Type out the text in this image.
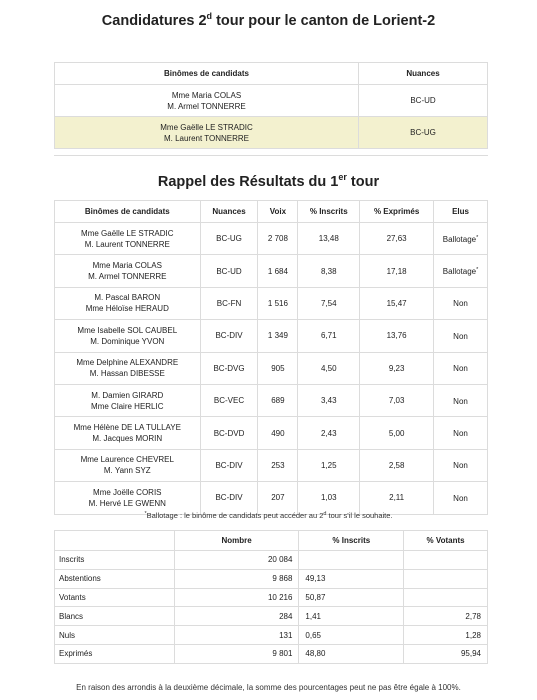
Candidatures 2$^d$ tour pour le canton de Lorient-2
Binômes de candidats	Nuances
Mme Maria COLAS
M. Armel TONNERRE	BC-UD
Mme Gaëlle LE STRADIC
M. Laurent TONNERRE	BC-UG
Rappel des Résultats du 1er tour
Binômes de candidats	Nuances	Voix	% Inscrits	% Exprimés	Elus
Mme Gaëlle LE STRADIC
M. Laurent TONNERRE	BC-UG	2 708	13,48	27,63	Ballotage*
Mme Maria COLAS
M. Armel TONNERRE	BC-UD	1 684	8,38	17,18	Ballotage*
M. Pascal BARON
Mme Héloïse HERAUD	BC-FN	1 516	7,54	15,47	Non
Mme Isabelle SOL CAUBEL
M. Dominique YVON	BC-DIV	1 349	6,71	13,76	Non
Mme Delphine ALEXANDRE
M. Hassan DIBESSE	BC-DVG	905	4,50	9,23	Non
M. Damien GIRARD
Mme Claire HERLIC	BC-VEC	689	3,43	7,03	Non
Mme Hélène DE LA TULLAYE
M. Jacques MORIN	BC-DVD	490	2,43	5,00	Non
Mme Laurence CHEVREL
M. Yann SYZ	BC-DIV	253	1,25	2,58	Non
Mme Joëlle CORIS
M. Hervé LE GWENN	BC-DIV	207	1,03	2,11	Non
*Ballotage : le binôme de candidats peut accéder au 2$^d$ tour s'il le souhaite.
	Nombre	% Inscrits	% Votants
Inscrits	20 084		
Abstentions	9 868	49,13	
Votants	10 216	50,87	
Blancs	284	1,41	2,78
Nuls	131	0,65	1,28
Exprimés	9 801	48,80	95,94
En raison des arrondis à la deuxième décimale, la somme des pourcentages peut ne pas être égale à 100%.
